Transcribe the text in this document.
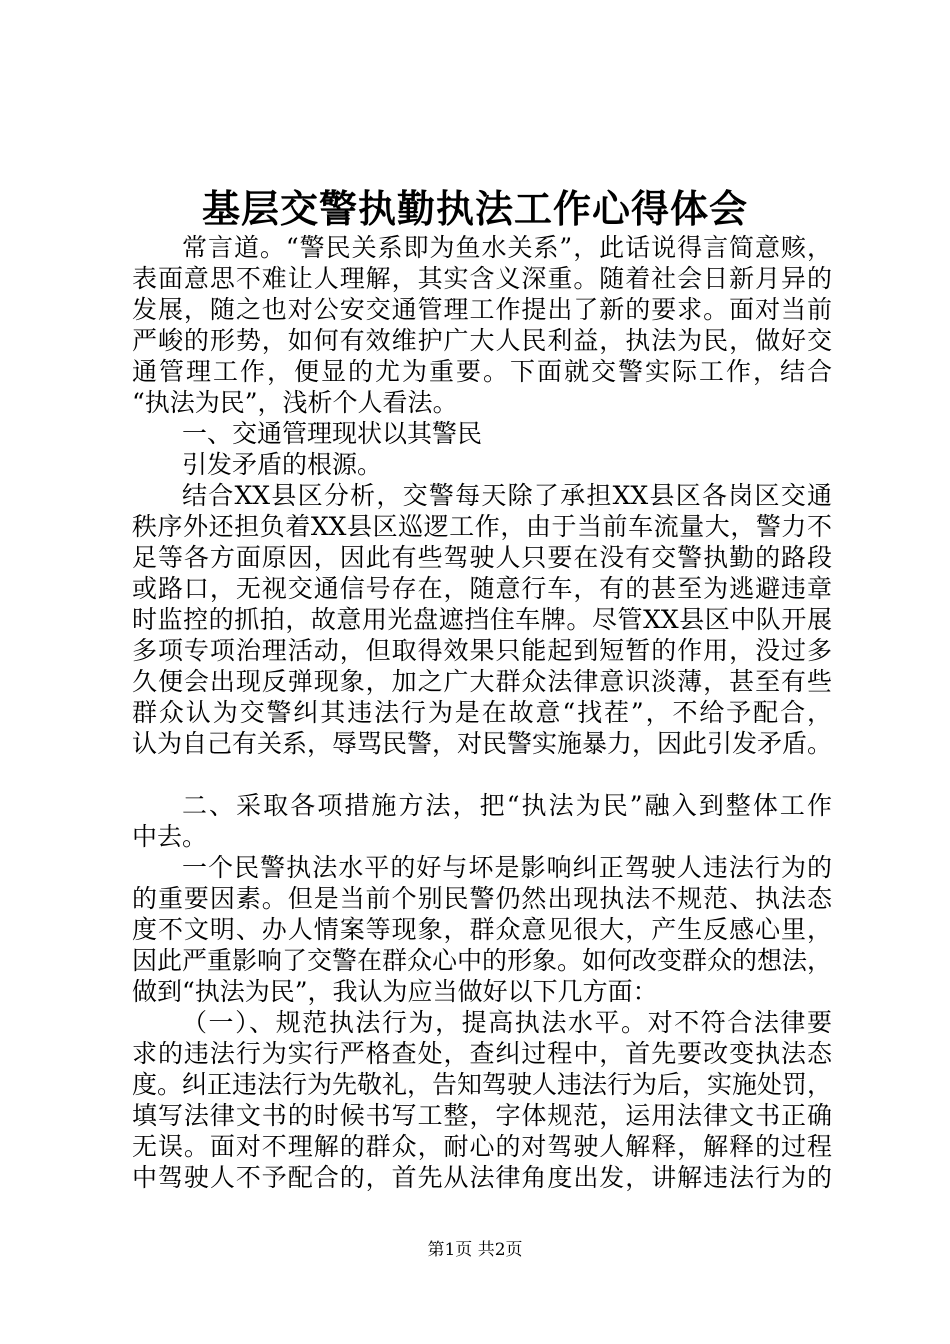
基层交警执勤执法工作心得体会
常言道。“警民关系即为鱼水关系”，此话说得言简意赅，
表面意思不难让人理解，其实含义深重。随着社会日新月异的
发展，随之也对公安交通管理工作提出了新的要求。面对当前
严峻的形势，如何有效维护广大人民利益，执法为民，做好交
通管理工作，便显的尤为重要。下面就交警实际工作，结合
“执法为民”，浅析个人看法。
一、交通管理现状以其警民
引发矛盾的根源。
结合XX县区分析，交警每天除了承担XX县区各岗区交通
秩序外还担负着XX县区巡逻工作，由于当前车流量大，警力不
足等各方面原因，因此有些驾驶人只要在没有交警执勤的路段
或路口，无视交通信号存在，随意行车，有的甚至为逃避违章
时监控的抓拍，故意用光盘遮挡住车牌。尽管XX县区中队开展
多项专项治理活动，但取得效果只能起到短暂的作用，没过多
久便会出现反弹现象，加之广大群众法律意识淡薄，甚至有些
群众认为交警纠其违法行为是在故意“找茬”，不给予配合，
认为自己有关系，辱骂民警，对民警实施暴力，因此引发矛盾。
二、采取各项措施方法，把“执法为民”融入到整体工作
中去。
一个民警执法水平的好与坏是影响纠正驾驶人违法行为的
的重要因素。但是当前个别民警仍然出现执法不规范、执法态
度不文明、办人情案等现象，群众意见很大，产生反感心里，
因此严重影响了交警在群众心中的形象。如何改变群众的想法，
做到“执法为民”，我认为应当做好以下几方面：
（一）、规范执法行为，提高执法水平。对不符合法律要
求的违法行为实行严格查处，查纠过程中，首先要改变执法态
度。纠正违法行为先敬礼，告知驾驶人违法行为后，实施处罚，
填写法律文书的时候书写工整，字体规范，运用法律文书正确
无误。面对不理解的群众，耐心的对驾驶人解释，解释的过程
中驾驶人不予配合的，首先从法律角度出发，讲解违法行为的
第1页 共2页
